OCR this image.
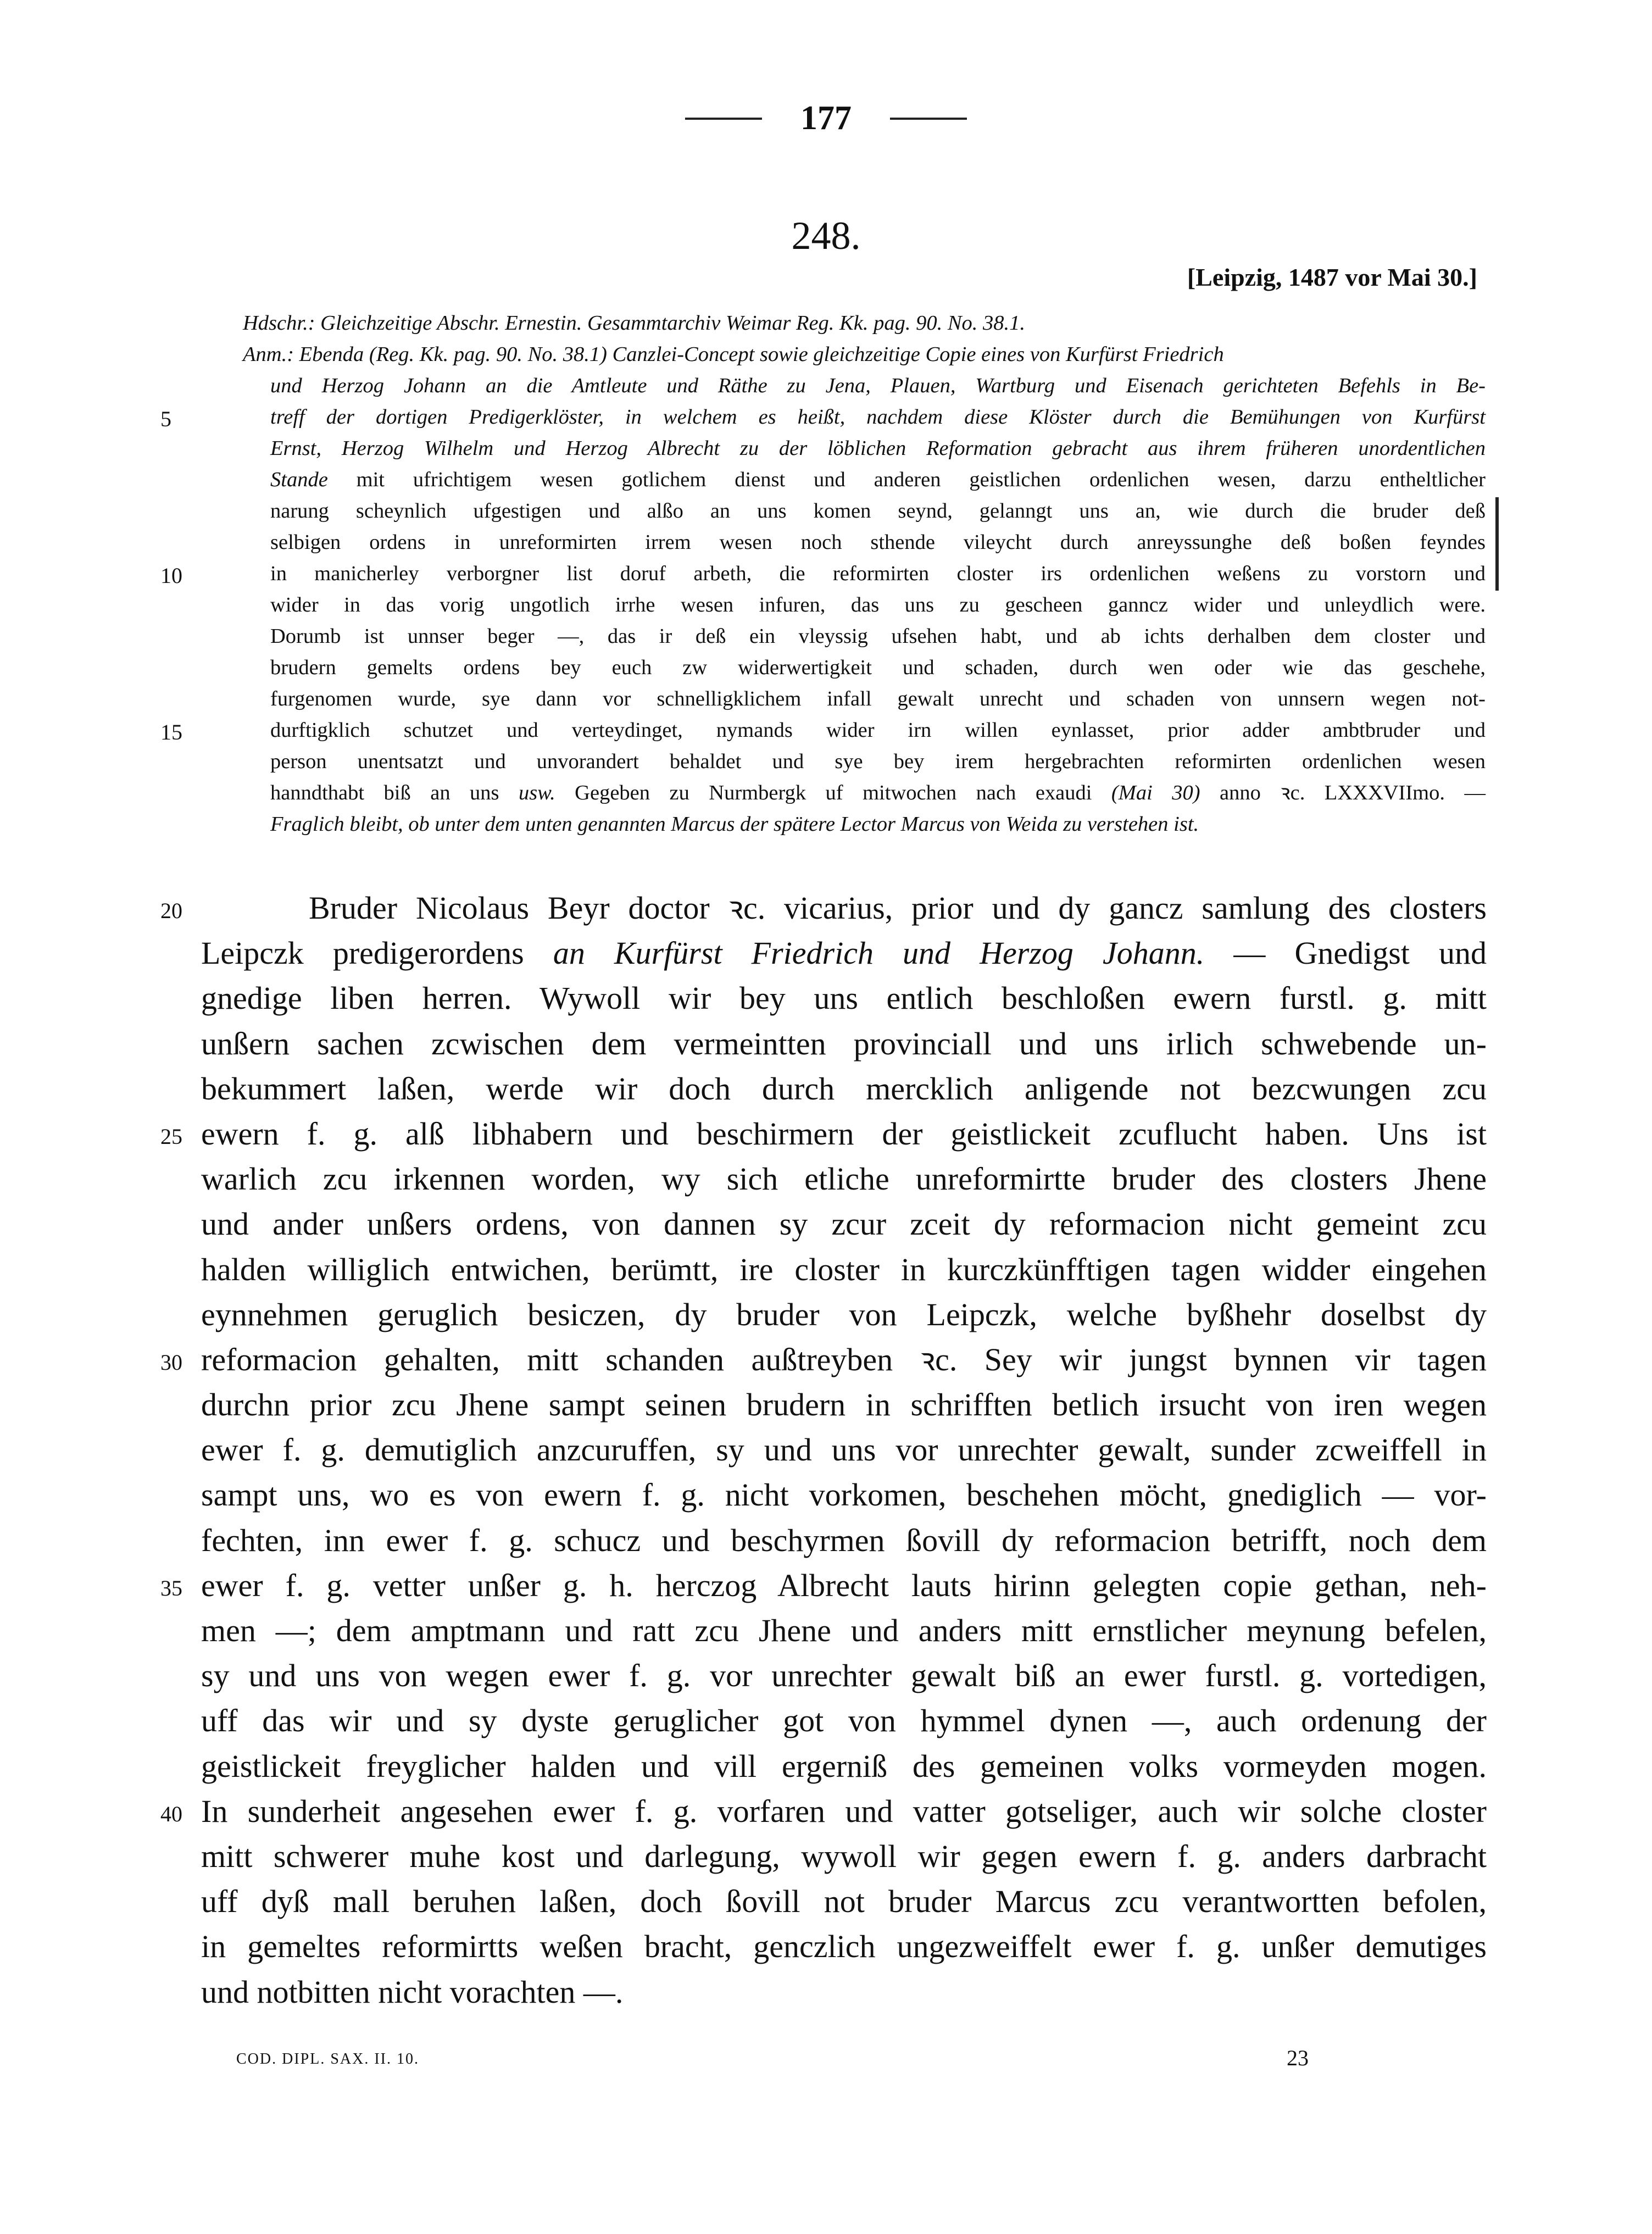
177
248.
[Leipzig, 1487 vor Mai 30.]
Hdschr.: Gleichzeitige Abschr. Ernestin. Gesammtarchiv Weimar Reg. Kk. pag. 90. No. 38.1.
Anm.: Ebenda (Reg. Kk. pag. 90. No. 38.1) Canzlei-Concept sowie gleichzeitige Copie eines von Kurfürst Friedrich
und Herzog Johann an die Amtleute und Räthe zu Jena, Plauen, Wartburg und Eisenach gerichteten Befehls in Be-
treff der dortigen Predigerklöster, in welchem es heißt, nachdem diese Klöster durch die Bemühungen von Kurfürst
Ernst, Herzog Wilhelm und Herzog Albrecht zu der löblichen Reformation gebracht aus ihrem früheren unordentlichen
Stande mit ufrichtigem wesen gotlichem dienst und anderen geistlichen ordenlichen wesen, darzu entheltlicher
narung scheynlich ufgestigen und alßo an uns komen seynd, gelanngt uns an, wie durch die bruder deß
selbigen ordens in unreformirten irrem wesen noch sthende vileycht durch anreyssunghe deß boßen feyndes
in manicherley verborgner list doruf arbeth, die reformirten closter irs ordenlichen weßens zu vorstorn und
wider in das vorig ungotlich irrhe wesen infuren, das uns zu gescheen ganncz wider und unleydlich were.
Dorumb ist unnser beger —, das ir deß ein vleyssig ufsehen habt, und ab ichts derhalben dem closter und
brudern gemelts ordens bey euch zw widerwertigkeit und schaden, durch wen oder wie das geschehe,
furgenomen wurde, sye dann vor schnelligklichem infall gewalt unrecht und schaden von unnsern wegen not-
durftigklich schutzet und verteydinget, nymands wider irn willen eynlasset, prior adder ambtbruder und
person unentsatzt und unvorandert behaldet und sye bey irem hergebrachten reformirten ordenlichen wesen
hanndthabt biß an uns usw. Gegeben zu Nurmbergk uf mitwochen nach exaudi (Mai 30) anno ꝛc. LXXXVIImo. —
Fraglich bleibt, ob unter dem unten genannten Marcus der spätere Lector Marcus von Weida zu verstehen ist.
Bruder Nicolaus Beyr doctor ꝛc. vicarius, prior und dy gancz samlung des closters
Leipczk predigerordens an Kurfürst Friedrich und Herzog Johann. — Gnedigst und
gnedige liben herren. Wywoll wir bey uns entlich beschloßen ewern furstl. g. mitt
unßern sachen zcwischen dem vermeintten provinciall und uns irlich schwebende un-
bekummert laßen, werde wir doch durch mercklich anligende not bezcwungen zcu
ewern f. g. alß libhabern und beschirmern der geistlickeit zcuflucht haben. Uns ist
warlich zcu irkennen worden, wy sich etliche unreformirtte bruder des closters Jhene
und ander unßers ordens, von dannen sy zcur zceit dy reformacion nicht gemeint zcu
halden williglich entwichen, berümtt, ire closter in kurczkünfftigen tagen widder eingehen
eynnehmen geruglich besiczen, dy bruder von Leipczk, welche byßhehr doselbst dy
reformacion gehalten, mitt schanden außtreyben ꝛc. Sey wir jungst bynnen vir tagen
durchn prior zcu Jhene sampt seinen brudern in schrifften betlich irsucht von iren wegen
ewer f. g. demutiglich anzcuruffen, sy und uns vor unrechter gewalt, sunder zcweiffell in
sampt uns, wo es von ewern f. g. nicht vorkomen, beschehen möcht, gnediglich — vor-
fechten, inn ewer f. g. schucz und beschyrmen ßovill dy reformacion betrifft, noch dem
ewer f. g. vetter unßer g. h. herczog Albrecht lauts hirinn gelegten copie gethan, neh-
men —; dem amptmann und ratt zcu Jhene und anders mitt ernstlicher meynung befelen,
sy und uns von wegen ewer f. g. vor unrechter gewalt biß an ewer furstl. g. vortedigen,
uff das wir und sy dyste geruglicher got von hymmel dynen —, auch ordenung der
geistlickeit freyglicher halden und vill ergerniß des gemeinen volks vormeyden mogen.
In sunderheit angesehen ewer f. g. vorfaren und vatter gotseliger, auch wir solche closter
mitt schwerer muhe kost und darlegung, wywoll wir gegen ewern f. g. anders darbracht
uff dyß mall beruhen laßen, doch ßovill not bruder Marcus zcu verantwortten befolen,
in gemeltes reformirtts weßen bracht, genczlich ungezweiffelt ewer f. g. unßer demutiges
und notbitten nicht vorachten —.
5
10
15
20
25
30
35
40
COD. DIPL. SAX. II. 10.	23
